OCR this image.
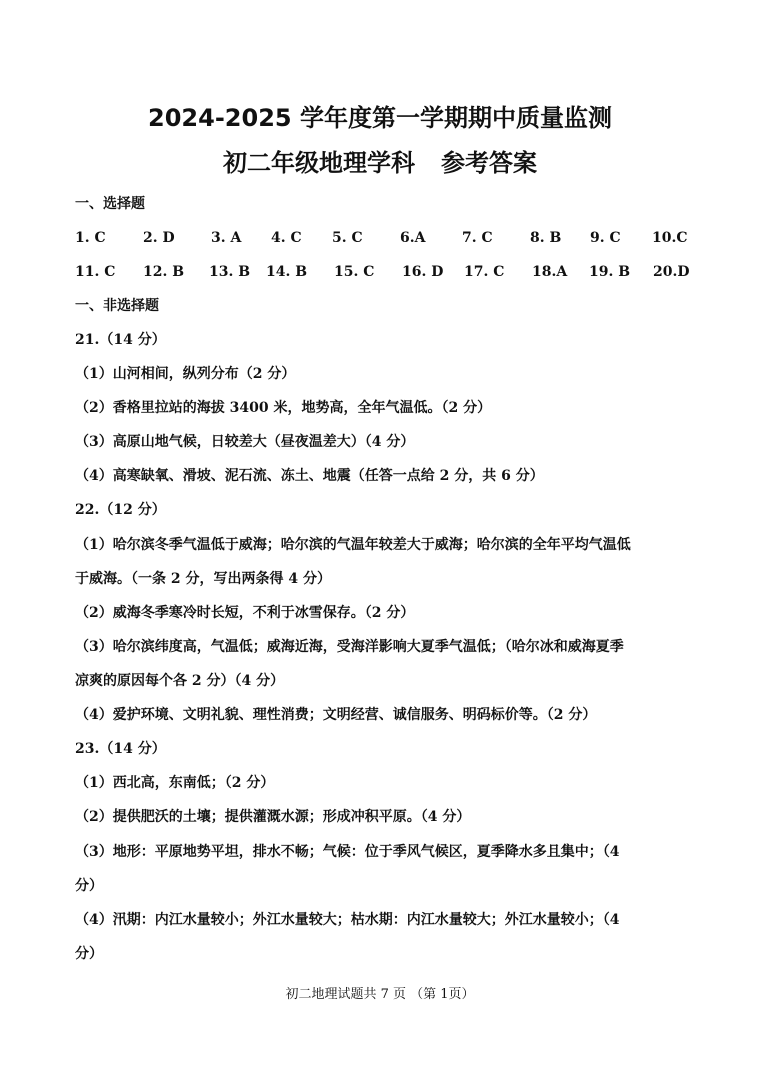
2024-2025 学年度第一学期期中质量监测
初二年级地理学科 参考答案
一、选择题
1. C	2. D	3. A 4. C 5. C	6.A	7. C	8. B 9. C 10.C
11. C 12. B 13. B 14. B 15. C 16. D 17. C 18.A 19. B 20.D
一、非选择题
21.（14 分）
（1）山河相间，纵列分布（2 分）
（2）香格里拉站的海拔 3400 米，地势高，全年气温低。（2 分）
（3）高原山地气候，日较差大（昼夜温差大）（4 分）
（4）高寒缺氧、滑坡、泥石流、冻土、地震（任答一点给 2 分，共 6 分）
22.（12 分）
（1）哈尔滨冬季气温低于威海；哈尔滨的气温年较差大于威海；哈尔滨的全年平均气温低
于威海。（一条 2 分，写出两条得 4 分）
（2）威海冬季寒冷时长短，不利于冰雪保存。（2 分）
（3）哈尔滨纬度高，气温低；威海近海，受海洋影响大夏季气温低；（哈尔冰和威海夏季
凉爽的原因每个各 2 分）（4 分）
（4）爱护环境、文明礼貌、理性消费；文明经营、诚信服务、明码标价等。（2 分）
23.（14 分）
（1）西北高，东南低；（2 分）
（2）提供肥沃的土壤；提供灌溉水源；形成冲积平原。（4 分）
（3）地形：平原地势平坦，排水不畅；气候：位于季风气候区，夏季降水多且集中；（4
分）
（4）汛期：内江水量较小；外江水量较大；枯水期：内江水量较大；外江水量较小；（4
分）
初二地理试题共 7 页 （第 1页）
